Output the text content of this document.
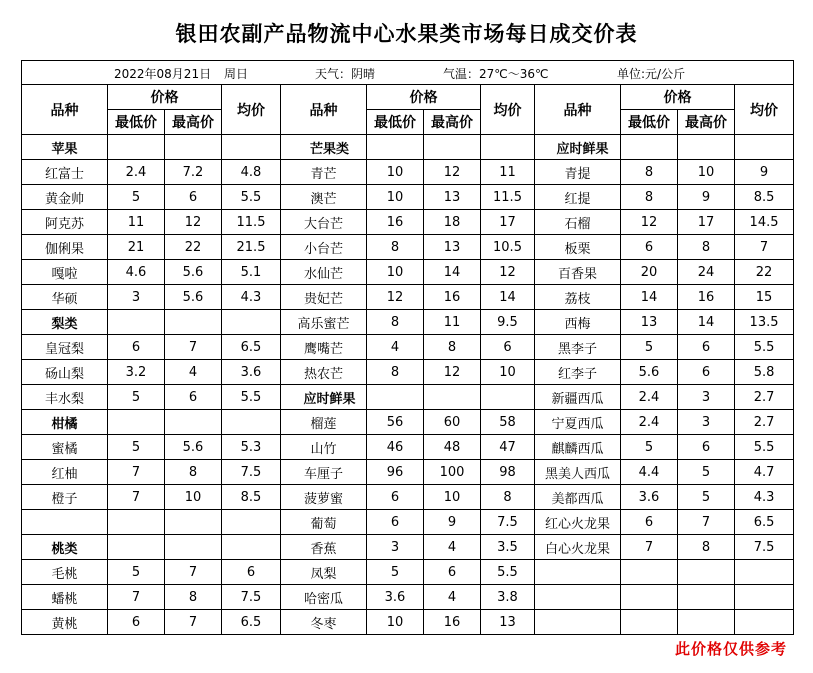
银田农副产品物流中心水果类市场每日成交价表
2022年08月21日 周日 天气：阴晴 气温：27℃～36℃ 单位:元/公斤											

品种	价格		均价	品种	价格		均价	品种	价格		均价
	最低价	最高价			最低价	最高价			最低价	最高价	
苹果				芒果类				应时鲜果			
红富士	2.4	7.2	4.8	青芒	10	12	11	青提	8	10	9
黄金帅	5	6	5.5	澳芒	10	13	11.5	红提	8	9	8.5
阿克苏	11	12	11.5	大台芒	16	18	17	石榴	12	17	14.5
伽俐果	21	22	21.5	小台芒	8	13	10.5	板栗	6	8	7
嘎啦	4.6	5.6	5.1	水仙芒	10	14	12	百香果	20	24	22
华硕	3	5.6	4.3	贵妃芒	12	16	14	荔枝	14	16	15
梨类				高乐蜜芒	8	11	9.5	西梅	13	14	13.5
皇冠梨	6	7	6.5	鹰嘴芒	4	8	6	黑李子	5	6	5.5
砀山梨	3.2	4	3.6	热农芒	8	12	10	红李子	5.6	6	5.8
丰水梨	5	6	5.5	应时鲜果				新疆西瓜	2.4	3	2.7
柑橘				榴莲	56	60	58	宁夏西瓜	2.4	3	2.7
蜜橘	5	5.6	5.3	山竹	46	48	47	麒麟西瓜	5	6	5.5
红柚	7	8	7.5	车厘子	96	100	98	黑美人西瓜	4.4	5	4.7
橙子	7	10	8.5	菠萝蜜	6	10	8	美都西瓜	3.6	5	4.3
				葡萄	6	9	7.5	红心火龙果	6	7	6.5
桃类				香蕉	3	4	3.5	白心火龙果	7	8	7.5
毛桃	5	7	6	凤梨	5	6	5.5				
蟠桃	7	8	7.5	哈密瓜	3.6	4	3.8				
黄桃	6	7	6.5	冬枣	10	16	13				
此价格仅供参考
